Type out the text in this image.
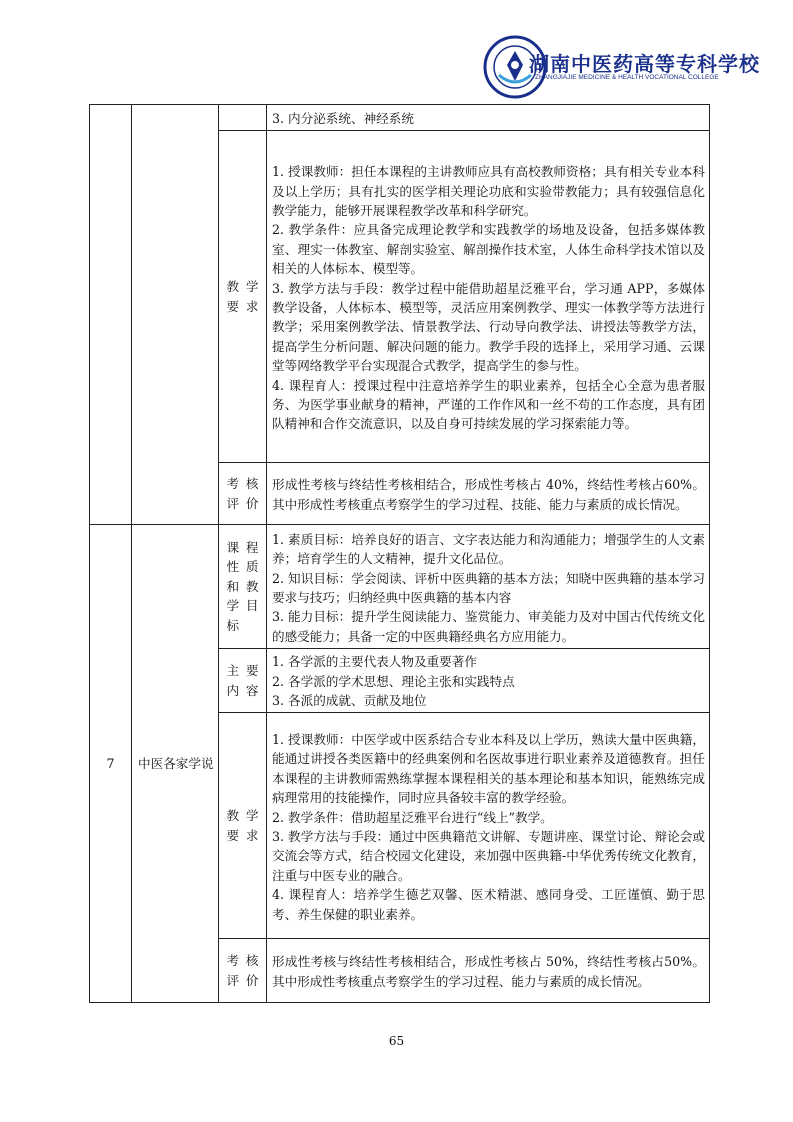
湖南中医药高等专科学校
ZHANGJIAJIE MEDICINE & HEALTH VOCATIONAL COLLEGE

			3. 内分泌系统、神经系统

		教学要求	1. 授课教师：担任本课程的主讲教师应具有高校教师资格；具有相关专业本科及以上学历；具有扎实的医学相关理论功底和实验带教能力；具有较强信息化教学能力，能够开展课程教学改革和科学研究。
2. 教学条件：应具备完成理论教学和实践教学的场地及设备，包括多媒体教室、理实一体教室、解剖实验室、解剖操作技术室，人体生命科学技术馆以及相关的人体标本、模型等。
3. 教学方法与手段：教学过程中能借助超星泛雅平台，学习通 APP，多媒体教学设备，人体标本、模型等，灵活应用案例教学、理实一体教学等方法进行教学；采用案例教学法、情景教学法、行动导向教学法、讲授法等教学方法，提高学生分析问题、解决问题的能力。教学手段的选择上，采用学习通、云课堂等网络教学平台实现混合式教学，提高学生的参与性。
4. 课程育人：授课过程中注意培养学生的职业素养，包括全心全意为患者服务、为医学事业献身的精神，严谨的工作作风和一丝不苟的工作态度，具有团队精神和合作交流意识，以及自身可持续发展的学习探索能力等。

		考核评价	形成性考核与终结性考核相结合，形成性考核占 40%，终结性考核占60%。其中形成性考核重点考察学生的学习过程、技能、能力与素质的成长情况。

7	中医各家学说	课程性质和教学目标	1. 素质目标：培养良好的语言、文字表达能力和沟通能力；增强学生的人文素养；培育学生的人文精神，提升文化品位。
2. 知识目标：学会阅读、评析中医典籍的基本方法；知晓中医典籍的基本学习要求与技巧；归纳经典中医典籍的基本内容
3. 能力目标：提升学生阅读能力、鉴赏能力、审美能力及对中国古代传统文化的感受能力；具备一定的中医典籍经典名方应用能力。

		主要内容	1. 各学派的主要代表人物及重要著作
2. 各学派的学术思想、理论主张和实践特点
3. 各派的成就、贡献及地位

		教学要求	1. 授课教师：中医学或中医系结合专业本科及以上学历，熟读大量中医典籍，能通过讲授各类医籍中的经典案例和名医故事进行职业素养及道德教育。担任本课程的主讲教师需熟练掌握本课程相关的基本理论和基本知识，能熟练完成病理常用的技能操作，同时应具备较丰富的教学经验。
2. 教学条件：借助超星泛雅平台进行“线上”教学。
3. 教学方法与手段：通过中医典籍范文讲解、专题讲座、课堂讨论、辩论会或交流会等方式，结合校园文化建设，来加强中医典籍-中华优秀传统文化教育，注重与中医专业的融合。
4. 课程育人：培养学生德艺双馨、医术精湛、感同身受、工匠谨慎、勤于思考、养生保健的职业素养。

		考核评价	形成性考核与终结性考核相结合，形成性考核占 50%，终结性考核占50%。其中形成性考核重点考察学生的学习过程、能力与素质的成长情况。
65
